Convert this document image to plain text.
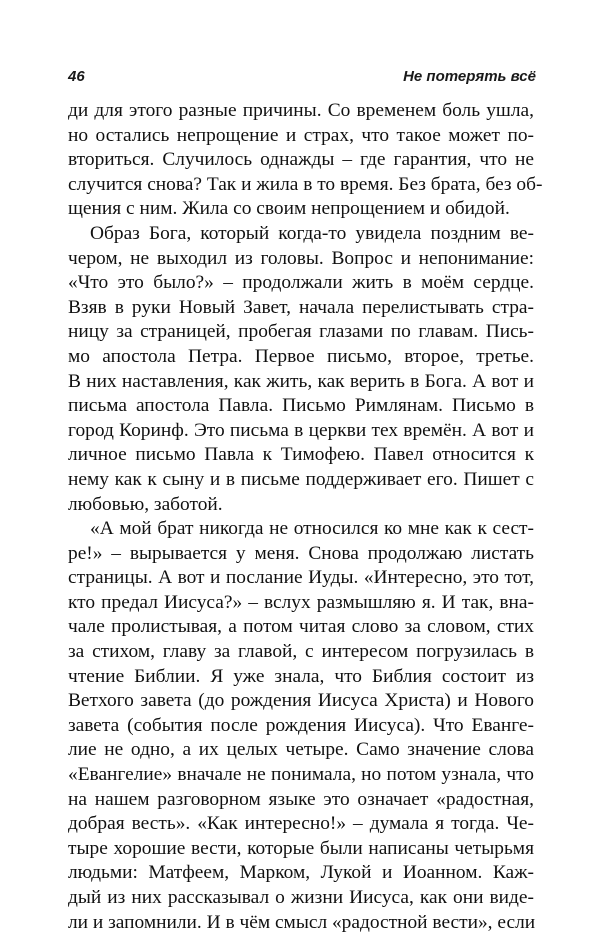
46	Не потерять всё
ди для этого разные причины. Со временем боль ушла,
но остались непрощение и страх, что такое может по-
вториться. Случилось однажды – где гарантия, что не
случится снова? Так и жила в то время. Без брата, без об-
щения с ним. Жила со своим непрощением и обидой.
Образ Бога, который когда-то увидела поздним ве-
чером, не выходил из головы. Вопрос и непонимание:
«Что это было?» – продолжали жить в моём сердце.
Взяв в руки Новый Завет, начала перелистывать стра-
ницу за страницей, пробегая глазами по главам. Пись-
мо апостола Петра. Первое письмо, второе, третье.
В них наставления, как жить, как верить в Бога. А вот и
письма апостола Павла. Письмо Римлянам. Письмо в
город Коринф. Это письма в церкви тех времён. А вот и
личное письмо Павла к Тимофею. Павел относится к
нему как к сыну и в письме поддерживает его. Пишет с
любовью, заботой.
«А мой брат никогда не относился ко мне как к сест-
ре!» – вырывается у меня. Снова продолжаю листать
страницы. А вот и послание Иуды. «Интересно, это тот,
кто предал Иисуса?» – вслух размышляю я. И так, вна-
чале пролистывая, а потом читая слово за словом, стих
за стихом, главу за главой, с интересом погрузилась в
чтение Библии. Я уже знала, что Библия состоит из
Ветхого завета (до рождения Иисуса Христа) и Нового
завета (события после рождения Иисуса). Что Еванге-
лие не одно, а их целых четыре. Само значение слова
«Евангелие» вначале не понимала, но потом узнала, что
на нашем разговорном языке это означает «радостная,
добрая весть». «Как интересно!» – думала я тогда. Че-
тыре хорошие вести, которые были написаны четырьмя
людьми: Матфеем, Марком, Лукой и Иоанном. Каж-
дый из них рассказывал о жизни Иисуса, как они виде-
ли и запомнили. И в чём смысл «радостной вести», если
